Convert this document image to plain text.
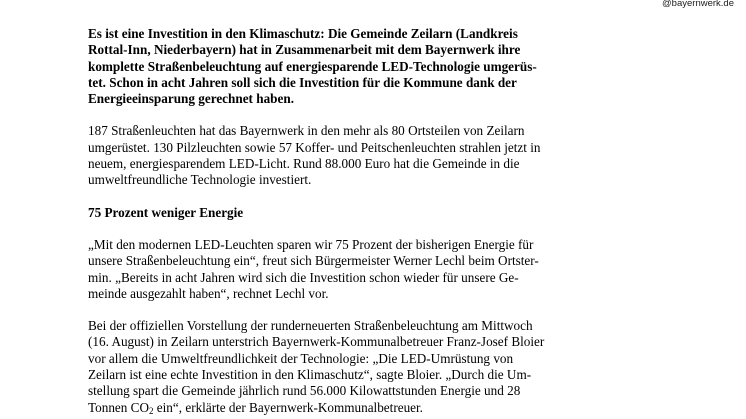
@bayernwerk.de

Es ist eine Investition in den Klimaschutz: Die Gemeinde Zeilarn (Landkreis
Rottal-Inn, Niederbayern) hat in Zusammenarbeit mit dem Bayernwerk ihre
komplette Straßenbeleuchtung auf energiesparende LED-Technologie umgerüs-
tet. Schon in acht Jahren soll sich die Investition für die Kommune dank der
Energieeinsparung gerechnet haben.

187 Straßenleuchten hat das Bayernwerk in den mehr als 80 Ortsteilen von Zeilarn
umgerüstet. 130 Pilzleuchten sowie 57 Koffer- und Peitschenleuchten strahlen jetzt in
neuem, energiesparendem LED-Licht. Rund 88.000 Euro hat die Gemeinde in die
umweltfreundliche Technologie investiert.

75 Prozent weniger Energie

„Mit den modernen LED-Leuchten sparen wir 75 Prozent der bisherigen Energie für
unsere Straßenbeleuchtung ein“, freut sich Bürgermeister Werner Lechl beim Ortster-
min. „Bereits in acht Jahren wird sich die Investition schon wieder für unsere Ge-
meinde ausgezahlt haben“, rechnet Lechl vor.

Bei der offiziellen Vorstellung der runderneuerten Straßenbeleuchtung am Mittwoch
(16. August) in Zeilarn unterstrich Bayernwerk-Kommunalbetreuer Franz-Josef Bloier
vor allem die Umweltfreundlichkeit der Technologie: „Die LED-Umrüstung von
Zeilarn ist eine echte Investition in den Klimaschutz“, sagte Bloier. „Durch die Um-
stellung spart die Gemeinde jährlich rund 56.000 Kilowattstunden Energie und 28
Tonnen $CO_2$ ein“, erklärte der Bayernwerk-Kommunalbetreuer.
